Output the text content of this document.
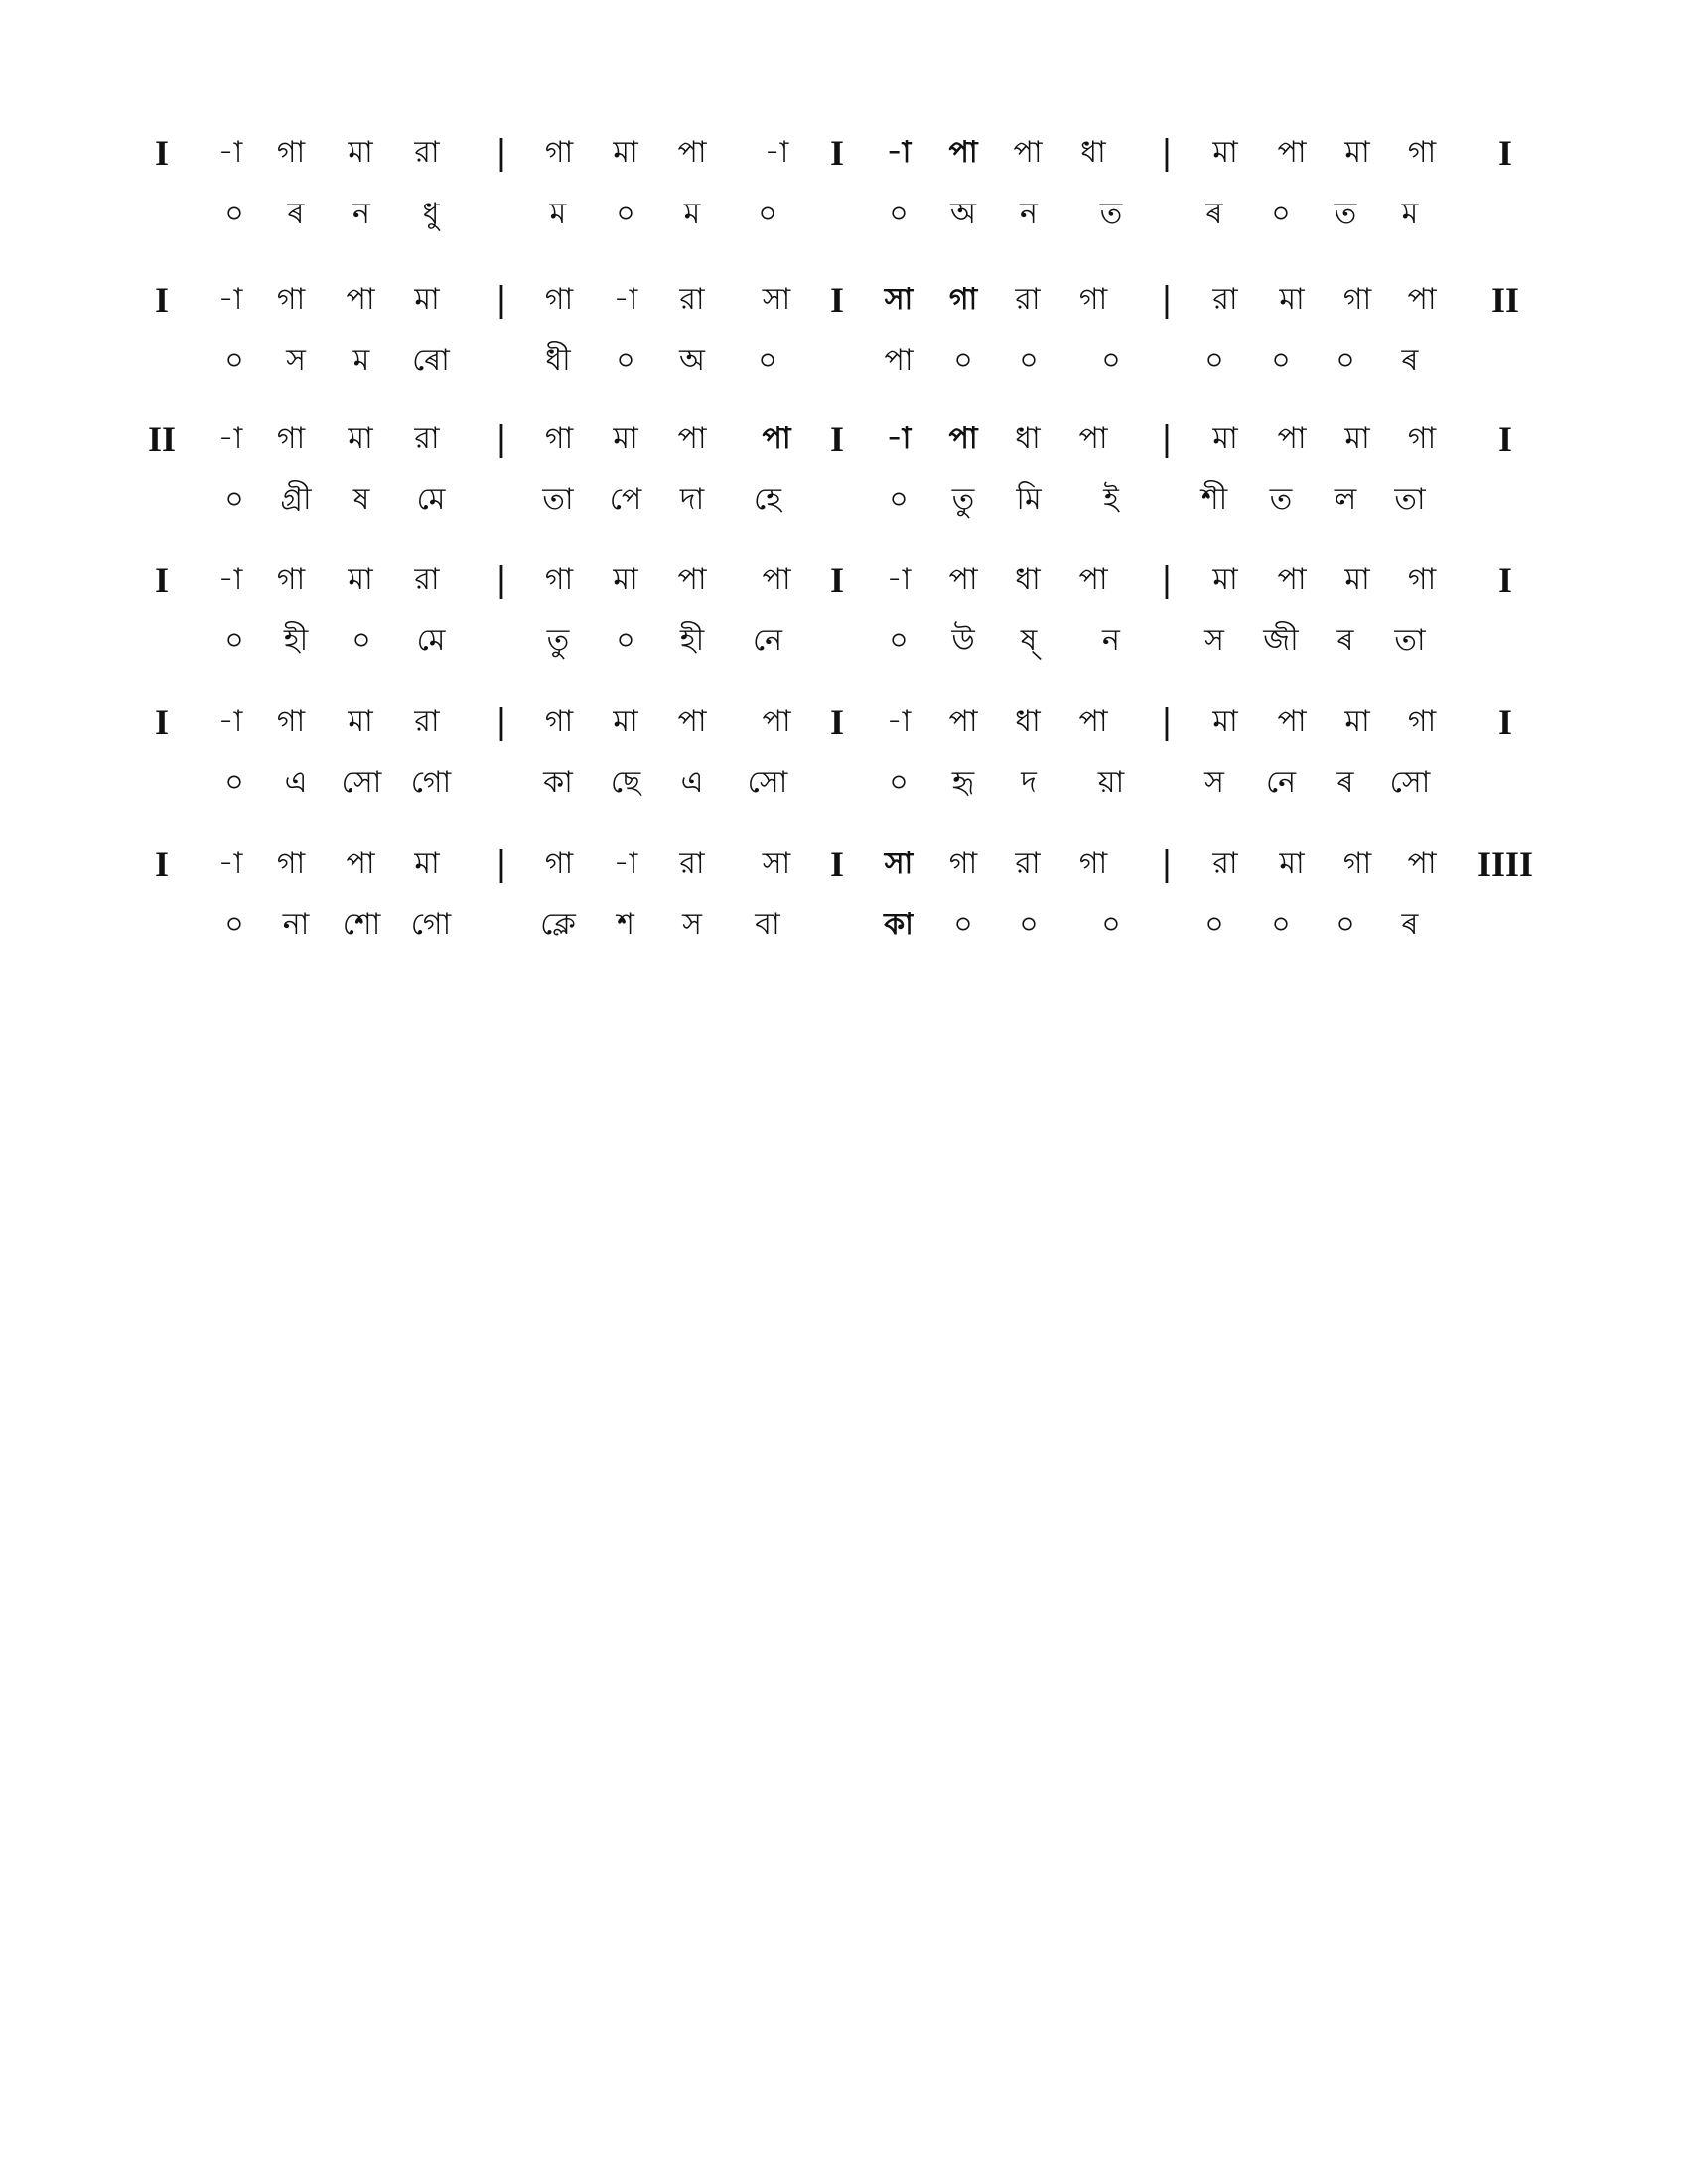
I -া গা মা রা | গা মা পা -া I -া পা পা ধা | মা পা মা গা I
০ ৰ ন ধু	ম ০ ম ০	০ অ ন ত	ৰ ০ ত ম
I -া গা পা মা | গা -া রা সা I সা গা রা গা | রা মা গা পা II
০ স ম ৰো	ধী ০ অ ০	পা ০ ০ ০	০ ০ ০ ৰ
II -া গা মা রা | গা মা পা পা I -া পা ধা পা | মা পা মা গা I
০ গ্ৰী ষ মে	তা পে দা হে	০ তু মি ই	শী ত ল তা
I -া গা মা রা | গা মা পা পা I -া পা ধা পা | মা পা মা গা I
০ হী ০ মে	তু ০ হী নে	০ উ ষ্ ন	স জী ৰ তা
I -া গা মা রা | গা মা পা পা I -া পা ধা পা | মা পা মা গা I
০ এ সো গো	কা ছে এ সো	০ হৃ দ য়া	স নে ৰ সো
I -া গা পা মা | গা -া রা সা I সা গা রা গা | রা মা গা পা IIII
০ না শো গো	ক্লে শ স বা	কা ০ ০ ০	০ ০ ০ ৰ
